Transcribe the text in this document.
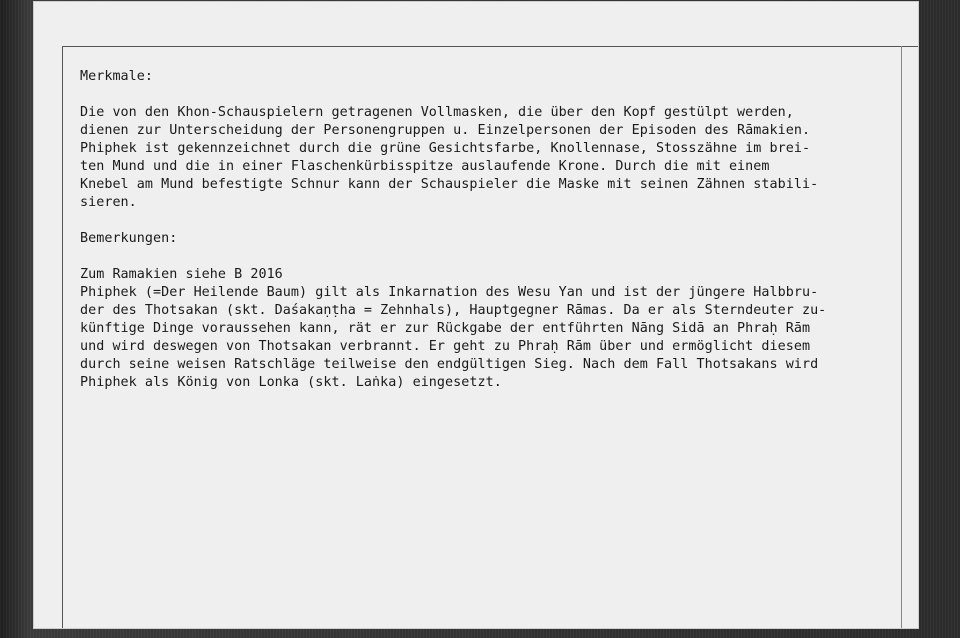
Merkmale:
Die von den Khon-Schauspielern getragenen Vollmasken, die über den Kopf gestülpt werden,
dienen zur Unterscheidung der Personengruppen u. Einzelpersonen der Episoden des Rāmakien.
Phiphek ist gekennzeichnet durch die grüne Gesichtsfarbe, Knollennase, Stosszähne im brei-
ten Mund und die in einer Flaschenkürbisspitze auslaufende Krone. Durch die mit einem
Knebel am Mund befestigte Schnur kann der Schauspieler die Maske mit seinen Zähnen stabili-
sieren.
Bemerkungen:
Zum Ramakien siehe B 2016
Phiphek (=Der Heilende Baum) gilt als Inkarnation des Wesu Yan und ist der jüngere Halbbru-
der des Thotsakan (skt. Daśakaṇṭha = Zehnhals), Hauptgegner Rāmas. Da er als Sterndeuter zu-
künftige Dinge voraussehen kann, rät er zur Rückgabe der entführten Nāng Sidā an Phraḥ Rām
und wird deswegen von Thotsakan verbrannt. Er geht zu Phraḥ Rām über und ermöglicht diesem
durch seine weisen Ratschläge teilweise den endgültigen Sieg. Nach dem Fall Thotsakans wird
Phiphek als König von Lonka (skt. Laṅka) eingesetzt.
